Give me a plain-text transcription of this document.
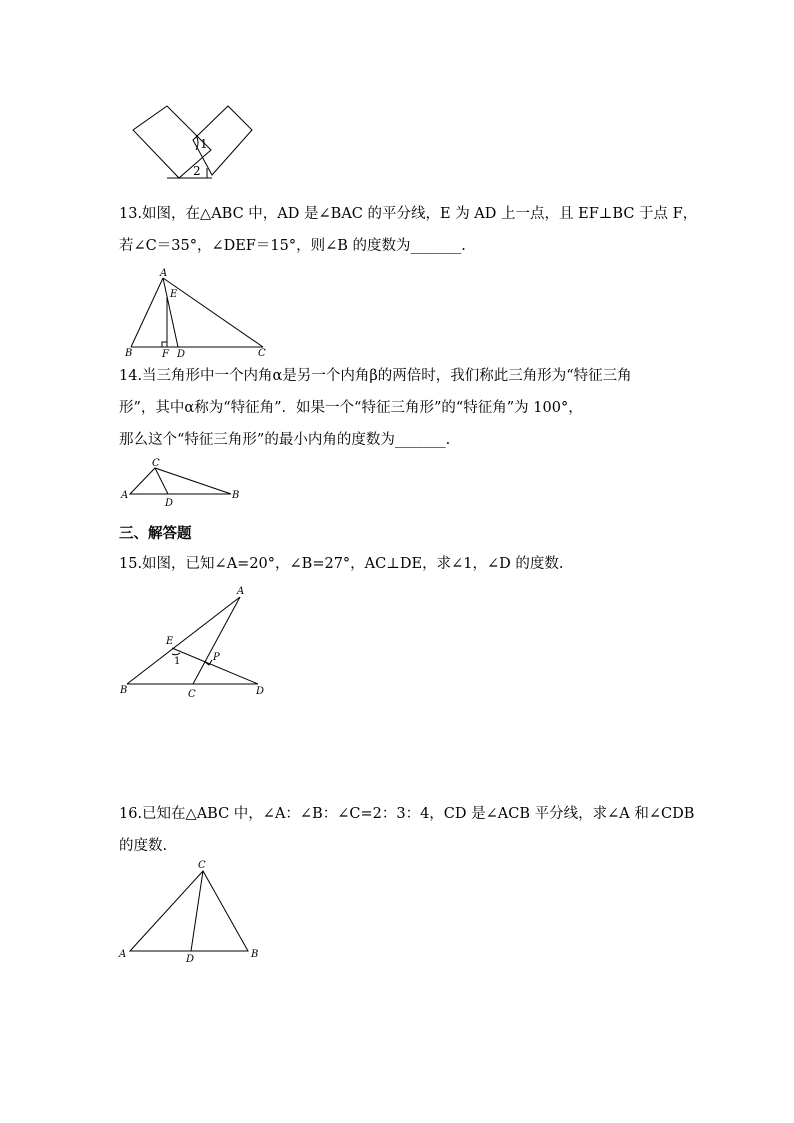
1
2

13.如图，在△ABC 中，AD 是∠BAC 的平分线，E 为 AD 上一点，且 EF⊥BC 于点 F，

若∠C＝35°，∠DEF＝15°，则∠B 的度数为_______.

A
E
B	F D	C

14.当三角形中一个内角α是另一个内角β的两倍时，我们称此三角形为“特征三角

形”，其中α称为“特征角”．如果一个“特征三角形”的“特征角”为 100°，

那么这个“特征三角形”的最小内角的度数为_______.

C
A
D
B

三、解答题

15.如图，已知∠A=20°，∠B=27°，AC⊥DE，求∠1，∠D 的度数.

A
E
1	P
B	C	D

16.已知在△ABC 中，∠A：∠B：∠C=2：3：4，CD 是∠ACB 平分线，求∠A 和∠CDB

的度数.

C
A	D	B
